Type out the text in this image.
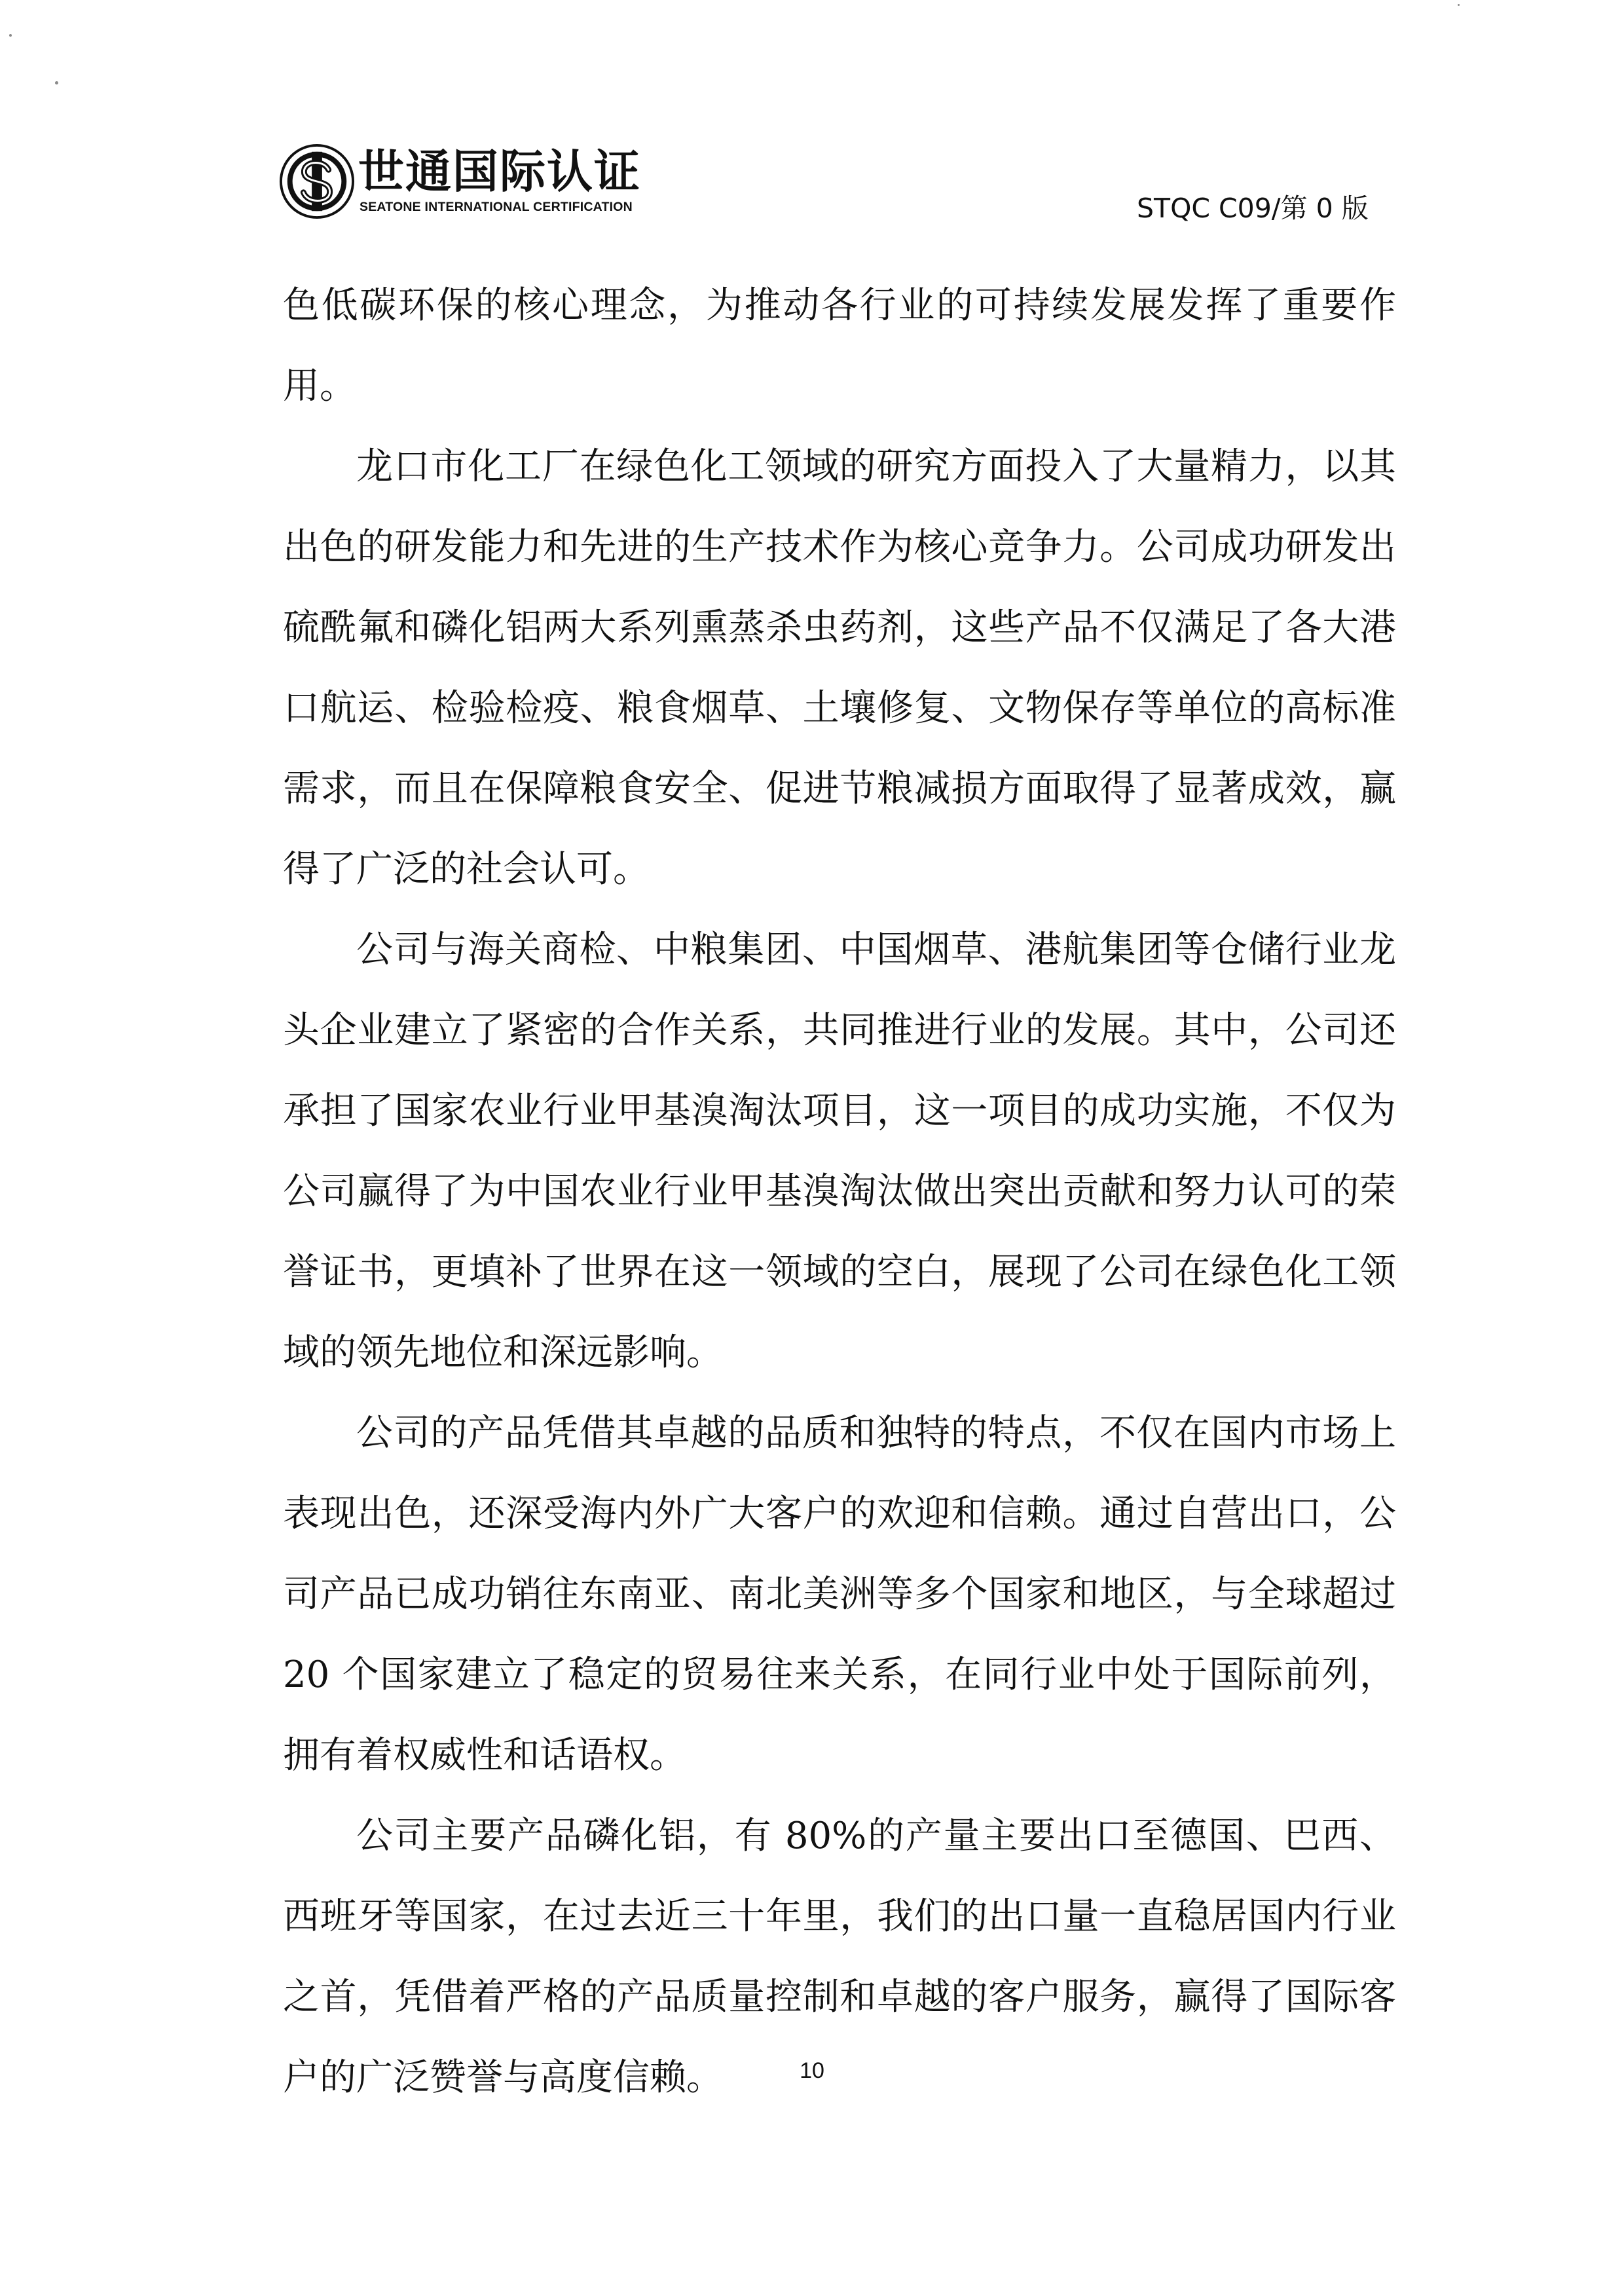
世通国际认证
SEATONE INTERNATIONAL CERTIFICATION	STQC C09/第 0 版

色低碳环保的核心理念，为推动各行业的可持续发展发挥了重要作用。

龙口市化工厂在绿色化工领域的研究方面投入了大量精力，以其出色的研发能力和先进的生产技术作为核心竞争力。公司成功研发出硫酰氟和磷化铝两大系列熏蒸杀虫药剂，这些产品不仅满足了各大港口航运、检验检疫、粮食烟草、土壤修复、文物保存等单位的高标准需求，而且在保障粮食安全、促进节粮减损方面取得了显著成效，赢得了广泛的社会认可。

公司与海关商检、中粮集团、中国烟草、港航集团等仓储行业龙头企业建立了紧密的合作关系，共同推进行业的发展。其中，公司还承担了国家农业行业甲基溴淘汰项目，这一项目的成功实施，不仅为公司赢得了为中国农业行业甲基溴淘汰做出突出贡献和努力认可的荣誉证书，更填补了世界在这一领域的空白，展现了公司在绿色化工领域的领先地位和深远影响。

公司的产品凭借其卓越的品质和独特的特点，不仅在国内市场上表现出色，还深受海内外广大客户的欢迎和信赖。通过自营出口，公司产品已成功销往东南亚、南北美洲等多个国家和地区，与全球超过 20 个国家建立了稳定的贸易往来关系，在同行业中处于国际前列，拥有着权威性和话语权。

公司主要产品磷化铝，有 80%的产量主要出口至德国、巴西、西班牙等国家，在过去近三十年里，我们的出口量一直稳居国内行业之首，凭借着严格的产品质量控制和卓越的客户服务，赢得了国际客户的广泛赞誉与高度信赖。	10
